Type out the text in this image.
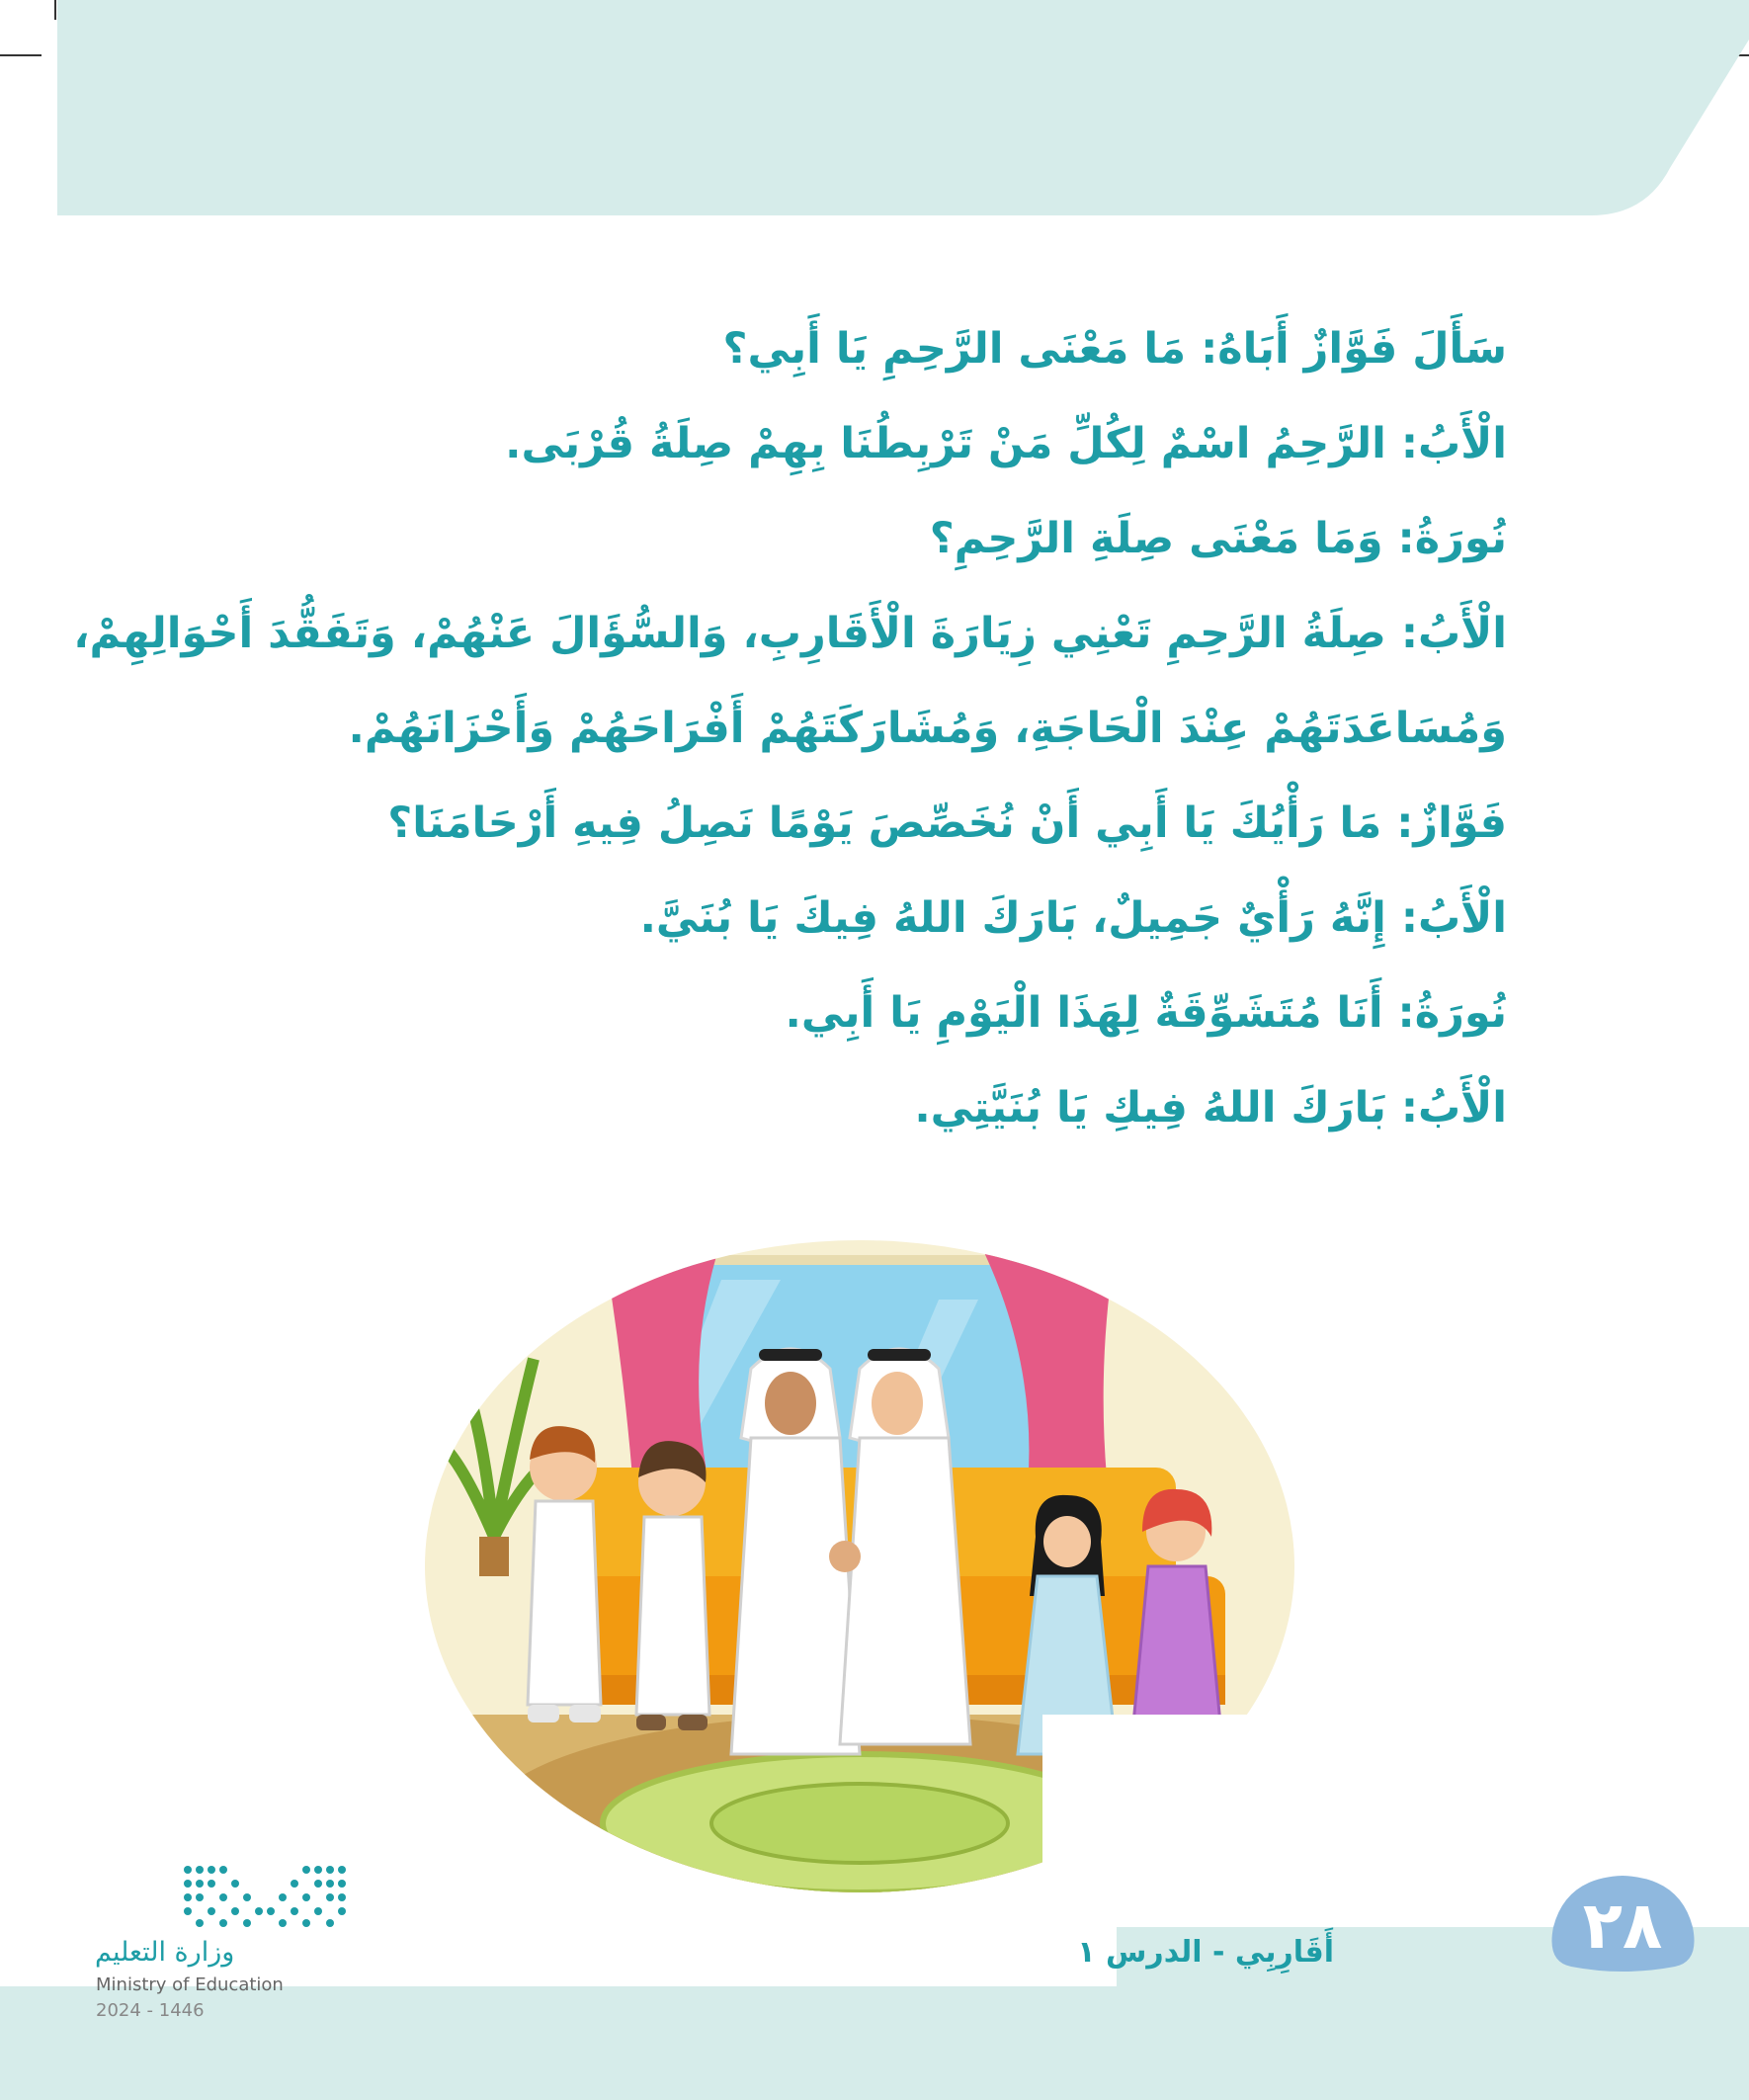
سَأَلَ فَوَّازٌ أَبَاهُ: مَا مَعْنَى الرَّحِمِ يَا أَبِي؟
الْأَبُ: الرَّحِمُ اسْمٌ لِكُلِّ مَنْ تَرْبِطُنَا بِهِمْ صِلَةُ قُرْبَى.
نُورَةُ: وَمَا مَعْنَى صِلَةِ الرَّحِمِ؟
الْأَبُ: صِلَةُ الرَّحِمِ تَعْنِي زِيَارَةَ الْأَقَارِبِ، وَالسُّؤَالَ عَنْهُمْ، وَتَفَقُّدَ أَحْوَالِهِمْ،
وَمُسَاعَدَتَهُمْ عِنْدَ الْحَاجَةِ، وَمُشَارَكَتَهُمْ أَفْرَاحَهُمْ وَأَحْزَانَهُمْ.
فَوَّازٌ: مَا رَأْيُكَ يَا أَبِي أَنْ نُخَصِّصَ يَوْمًا نَصِلُ فِيهِ أَرْحَامَنَا؟
الْأَبُ: إِنَّهُ رَأْيٌ جَمِيلٌ، بَارَكَ اللهُ فِيكَ يَا بُنَيَّ.
نُورَةُ: أَنَا مُتَشَوِّقَةٌ لِهَذَا الْيَوْمِ يَا أَبِي.
الْأَبُ: بَارَكَ اللهُ فِيكِ يَا بُنَيَّتِي.
٢٨
أَقَارِبِي - الدرس ١
وزارة التعليم
Ministry of Education
2024 - 1446
